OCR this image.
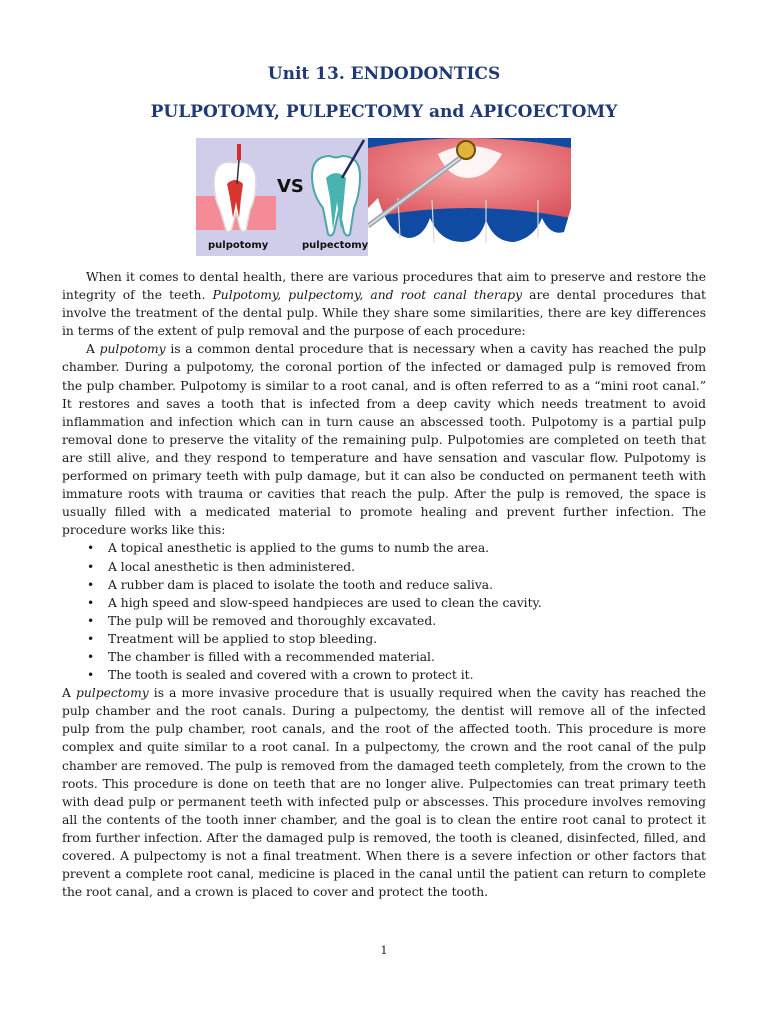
Unit 13. ENDODONTICS
PULPOTOMY, PULPECTOMY and APICOECTOMY
VS
pulpotomy	pulpectomy

When it comes to dental health, there are various procedures that aim to preserve and restore the integrity of the teeth. Pulpotomy, pulpectomy, and root canal therapy are dental procedures that involve the treatment of the dental pulp. While they share some similarities, there are key differences in terms of the extent of pulp removal and the purpose of each procedure:

A pulpotomy is a common dental procedure that is necessary when a cavity has reached the pulp chamber. During a pulpotomy, the coronal portion of the infected or damaged pulp is removed from the pulp chamber. Pulpotomy is similar to a root canal, and is often referred to as a “mini root canal.” It restores and saves a tooth that is infected from a deep cavity which needs treatment to avoid inflammation and infection which can in turn cause an abscessed tooth. Pulpotomy is a partial pulp removal done to preserve the vitality of the remaining pulp. Pulpotomies are completed on teeth that are still alive, and they respond to temperature and have sensation and vascular flow. Pulpotomy is performed on primary teeth with pulp damage, but it can also be conducted on permanent teeth with immature roots with trauma or cavities that reach the pulp. After the pulp is removed, the space is usually filled with a medicated material to promote healing and prevent further infection. The procedure works like this:

• A topical anesthetic is applied to the gums to numb the area.
• A local anesthetic is then administered.
• A rubber dam is placed to isolate the tooth and reduce saliva.
• A high speed and slow-speed handpieces are used to clean the cavity.
• The pulp will be removed and thoroughly excavated.
• Treatment will be applied to stop bleeding.
• The chamber is filled with a recommended material.
• The tooth is sealed and covered with a crown to protect it.

A pulpectomy is a more invasive procedure that is usually required when the cavity has reached the pulp chamber and the root canals. During a pulpectomy, the dentist will remove all of the infected pulp from the pulp chamber, root canals, and the root of the affected tooth. This procedure is more complex and quite similar to a root canal. In a pulpectomy, the crown and the root canal of the pulp chamber are removed. The pulp is removed from the damaged teeth completely, from the crown to the roots. This procedure is done on teeth that are no longer alive. Pulpectomies can treat primary teeth with dead pulp or permanent teeth with infected pulp or abscesses. This procedure involves removing all the contents of the tooth inner chamber, and the goal is to clean the entire root canal to protect it from further infection. After the damaged pulp is removed, the tooth is cleaned, disinfected, filled, and covered. A pulpectomy is not a final treatment. When there is a severe infection or other factors that prevent a complete root canal, medicine is placed in the canal until the patient can return to complete the root canal, and a crown is placed to cover and protect the tooth.

1
